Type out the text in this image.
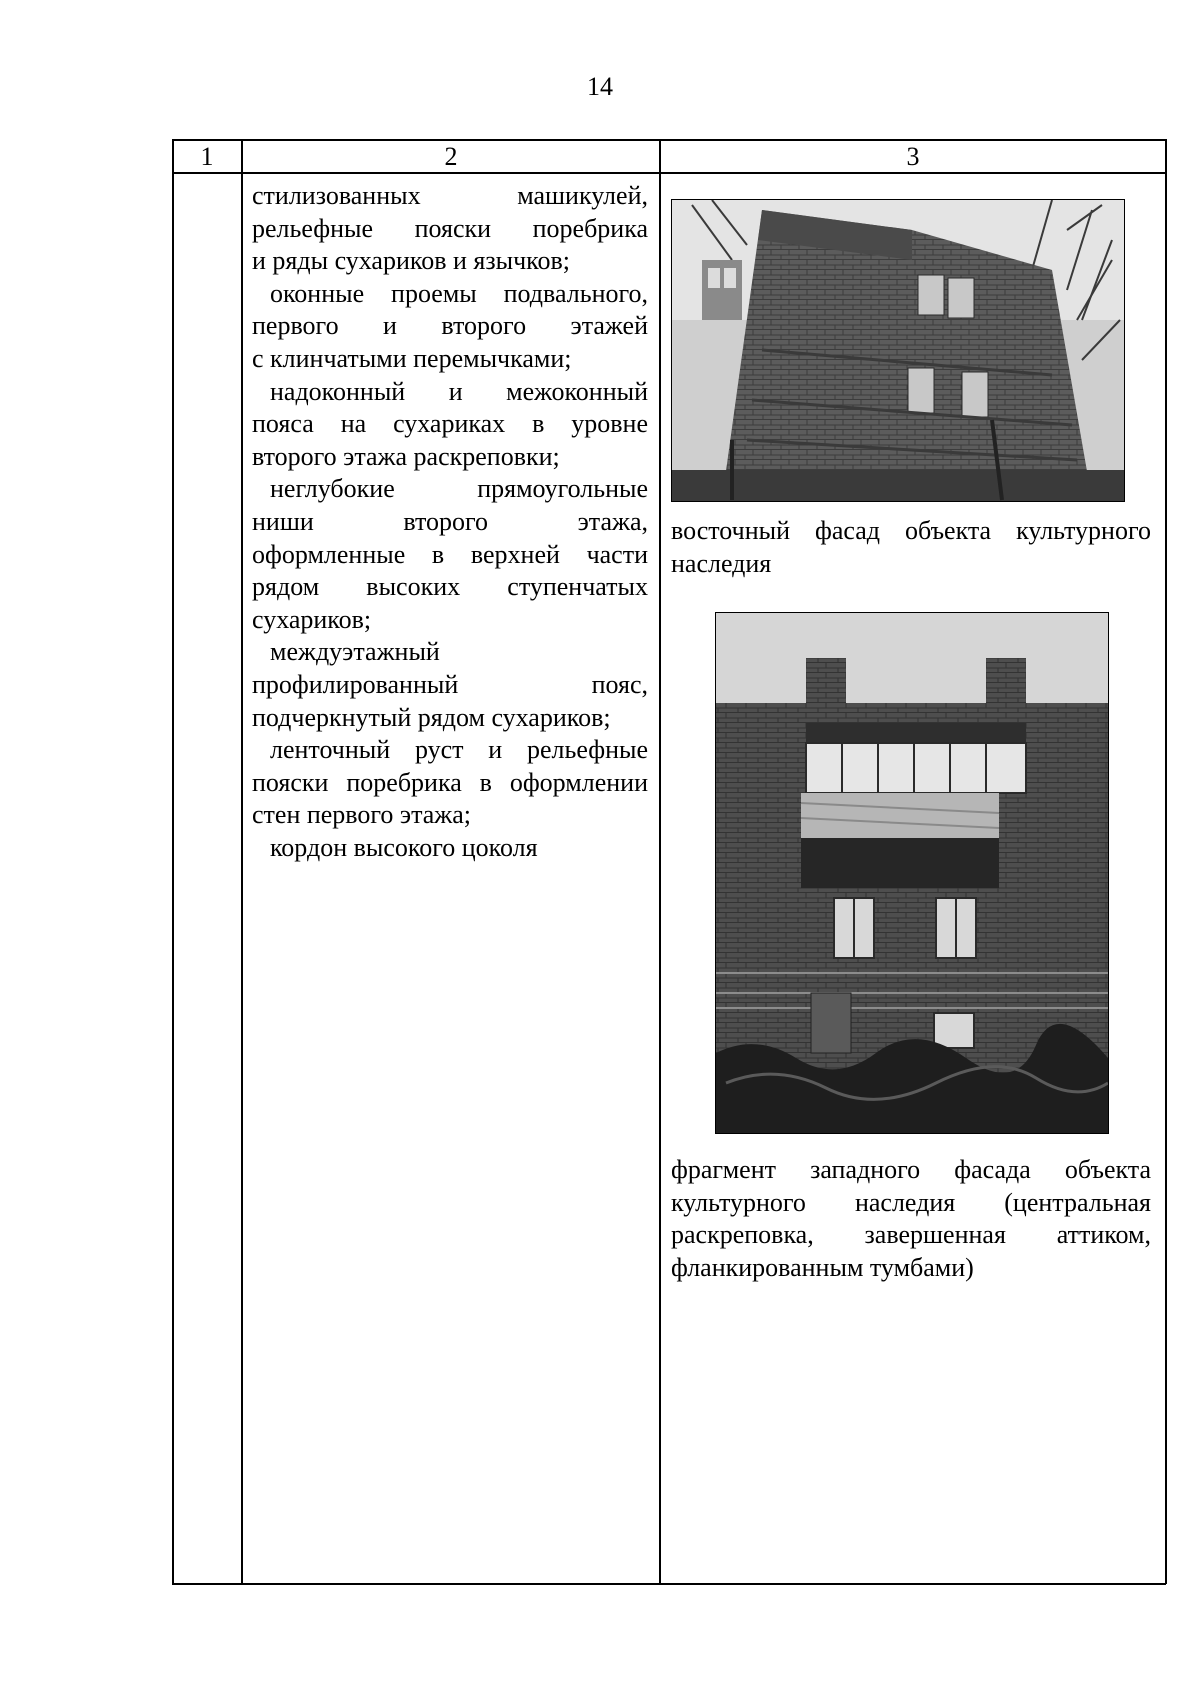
14
1	2	3

стилизованных машикулей,

рельефные пояски поребрика

и ряды сухариков и язычков;

оконные проемы подвального,

первого и второго этажей

с клинчатыми перемычками;

надоконный и межоконный

пояса на сухариках в уровне

второго этажа раскреповки;

неглубокие прямоугольные

ниши второго этажа,

оформленные в верхней части

рядом высоких ступенчатых

сухариков;

междуэтажный

профилированный пояс,

подчеркнутый рядом сухариков;

ленточный руст и рельефные

пояски поребрика в оформлении

стен первого этажа;

кордон высокого цоколя

восточный фасад объекта культурного наследия

фрагмент западного фасада объекта культурного наследия (центральная раскреповка, завершенная аттиком, фланкированным тумбами)
